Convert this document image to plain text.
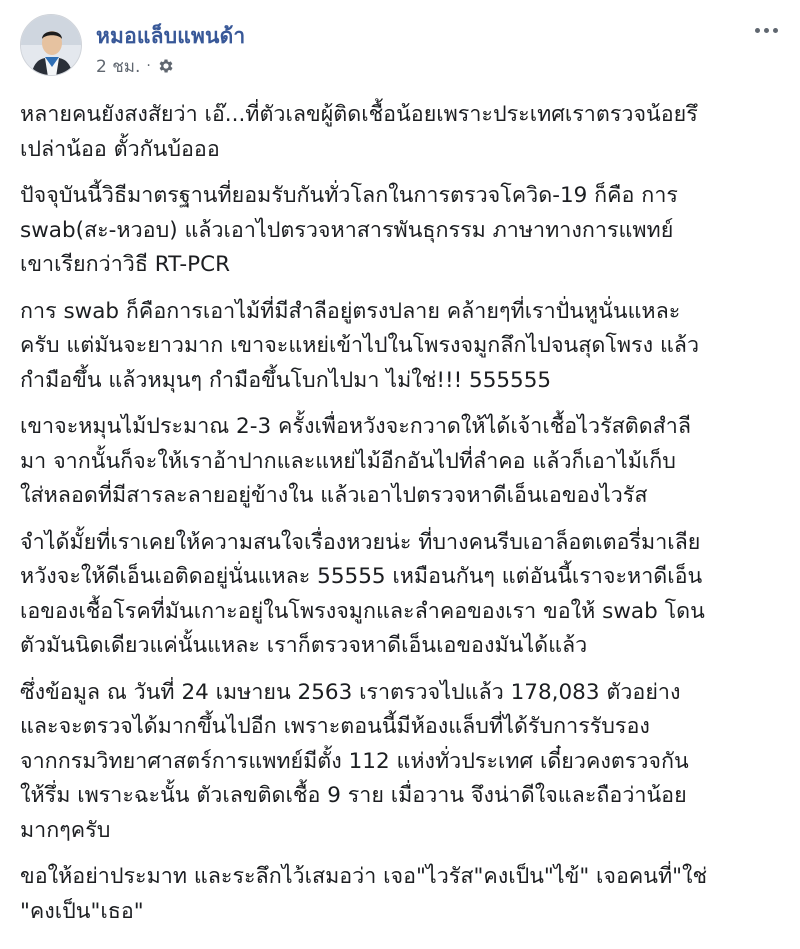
หมอแล็บแพนด้า
2 ชม. ·
หลายคนยังสงสัยว่า เอ๊...ที่ตัวเลขผู้ติดเชื้อน้อยเพราะประเทศเราตรวจน้อยรึ
เปล่าน้ออ ตั้วกันบ้อออ
ปัจจุบันนี้วิธีมาตรฐานที่ยอมรับกันทั่วโลกในการตรวจโควิด-19 ก็คือ การ
swab(สะ-หวอบ) แล้วเอาไปตรวจหาสารพันธุกรรม ภาษาทางการแพทย์
เขาเรียกว่าวิธี RT-PCR
การ swab ก็คือการเอาไม้ที่มีสำลีอยู่ตรงปลาย คล้ายๆที่เราปั่นหูนั่นแหละ
ครับ แต่มันจะยาวมาก เขาจะแหย่เข้าไปในโพรงจมูกลึกไปจนสุดโพรง แล้ว
กำมือขึ้น แล้วหมุนๆ กำมือขึ้นโบกไปมา ไม่ใช่!!! 555555
เขาจะหมุนไม้ประมาณ 2-3 ครั้งเพื่อหวังจะกวาดให้ได้เจ้าเชื้อไวรัสติดสำลี
มา จากนั้นก็จะให้เราอ้าปากและแหย่ไม้อีกอันไปที่ลำคอ แล้วก็เอาไม้เก็บ
ใส่หลอดที่มีสารละลายอยู่ข้างใน แล้วเอาไปตรวจหาดีเอ็นเอของไวรัส
จำได้มั้ยที่เราเคยให้ความสนใจเรื่องหวยน่ะ ที่บางคนรีบเอาล็อตเตอรี่มาเลีย
หวังจะให้ดีเอ็นเอติดอยู่นั่นแหละ 55555 เหมือนกันๆ แต่อันนี้เราจะหาดีเอ็น
เอของเชื้อโรคที่มันเกาะอยู่ในโพรงจมูกและลำคอของเรา ขอให้ swab โดน
ตัวมันนิดเดียวแค่นั้นแหละ เราก็ตรวจหาดีเอ็นเอของมันได้แล้ว
ซึ่งข้อมูล ณ วันที่ 24 เมษายน 2563 เราตรวจไปแล้ว 178,083 ตัวอย่าง
และจะตรวจได้มากขึ้นไปอีก เพราะตอนนี้มีห้องแล็บที่ได้รับการรับรอง
จากกรมวิทยาศาสตร์การแพทย์มีตั้ง 112 แห่งทั่วประเทศ เดี๋ยวคงตรวจกัน
ให้รึ่ม เพราะฉะนั้น ตัวเลขติดเชื้อ 9 ราย เมื่อวาน จึงน่าดีใจและถือว่าน้อย
มากๆครับ
ขอให้อย่าประมาท และระลึกไว้เสมอว่า เจอ"ไวรัส"คงเป็น"ไข้" เจอคนที่"ใช่
"คงเป็น"เธอ"
